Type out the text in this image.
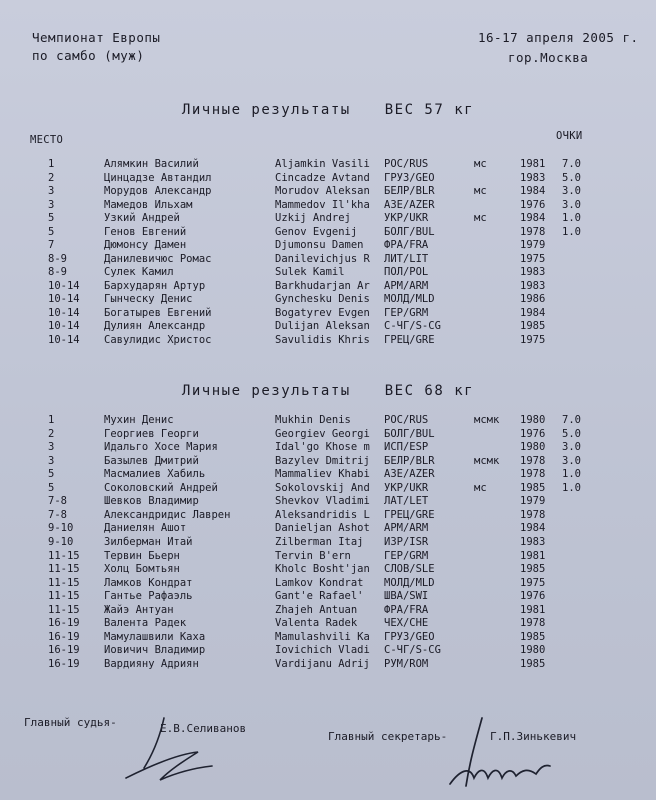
Чемпионат Европы
по самбо (муж)
16-17 апреля 2005 г.
гор.Москва
МЕСТО	ОЧКИ
Личные результаты ВЕС 57 кг
Личные результаты ВЕС 68 кг
1	Алямкин Василий	Aljamkin Vasili	РОС/RUS	мс	1981	7.0
2	Цинцадзе Автандил	Cincadze Avtand	ГРУЗ/GEO	1983	5.0
3	Морудов Александр	Morudov Aleksan	БЕЛР/BLR	мс	1984	3.0
3	Мамедов Ильхам	Mammedov Il'kha	АЗЕ/AZER	1976	3.0
5	Узкий Андрей	Uzkij Andrej	УКР/UKR	мс	1984	1.0
5	Генов Евгений	Genov Evgenij	БОЛГ/BUL	1978	1.0
7	Дюмонсу Дамен	Djumonsu Damen	ФРА/FRA	1979
8-9	Данилевичюс Ромас	Danilevichjus R	ЛИТ/LIT	1975
8-9	Сулек Камил	Sulek Kamil	ПОЛ/POL	1983
10-14	Бархударян Артур	Barkhudarjan Ar	АРМ/ARM	1983
10-14	Гынческу Денис	Gynchesku Denis	МОЛД/MLD	1986
10-14	Богатырев Евгений	Bogatyrev Evgen	ГЕР/GRM	1984
10-14	Дулиян Александр	Dulijan Aleksan	С-ЧГ/S-CG	1985
10-14	Савулидис Христос	Savulidis Khris	ГРЕЦ/GRE	1975
1	Мухин Денис	Mukhin Denis	РОС/RUS	мсмк	1980	7.0
2	Георгиев Георги	Georgiev Georgi	БОЛГ/BUL	1976	5.0
3	Идальго Хосе Мария	Idal'go Khose m	ИСП/ESP	1980	3.0
3	Базылев Дмитрий	Bazylev Dmitrij	БЕЛР/BLR	мсмк	1978	3.0
5	Масмалиев Хабиль	Mammaliev Khabi	АЗЕ/AZER	1978	1.0
5	Соколовский Андрей	Sokolovskij And	УКР/UKR	мс	1985	1.0
7-8	Шевков Владимир	Shevkov Vladimi	ЛАТ/LET	1979
7-8	Александридис Лаврен	Aleksandridis L	ГРЕЦ/GRE	1978
9-10	Даниелян Ашот	Danieljan Ashot	АРМ/ARM	1984
9-10	Зилберман Итай	Zilberman Itaj	ИЗР/ISR	1983
11-15	Тервин Бьерн	Tervin B'ern	ГЕР/GRM	1981
11-15	Холц Бомтьян	Kholc Bosht'jan	СЛОВ/SLE	1985
11-15	Ламков Кондрат	Lamkov Kondrat	МОЛД/MLD	1975
11-15	Гантье Рафаэль	Gant'e Rafael'	ШВА/SWI	1976
11-15	Жайэ Антуан	Zhajeh Antuan	ФРА/FRA	1981
16-19	Валента Радек	Valenta Radek	ЧЕХ/CHE	1978
16-19	Мамулашвили Каха	Mamulashvili Ka	ГРУЗ/GEO	1985
16-19	Иовичич Владимир	Iovichich Vladi	С-ЧГ/S-CG	1980
16-19	Вардияну Адриян	Vardijanu Adrij	РУМ/ROM	1985
Главный судья-	Е.В.Селиванов
Главный секретарь-	Г.П.Зинькевич
